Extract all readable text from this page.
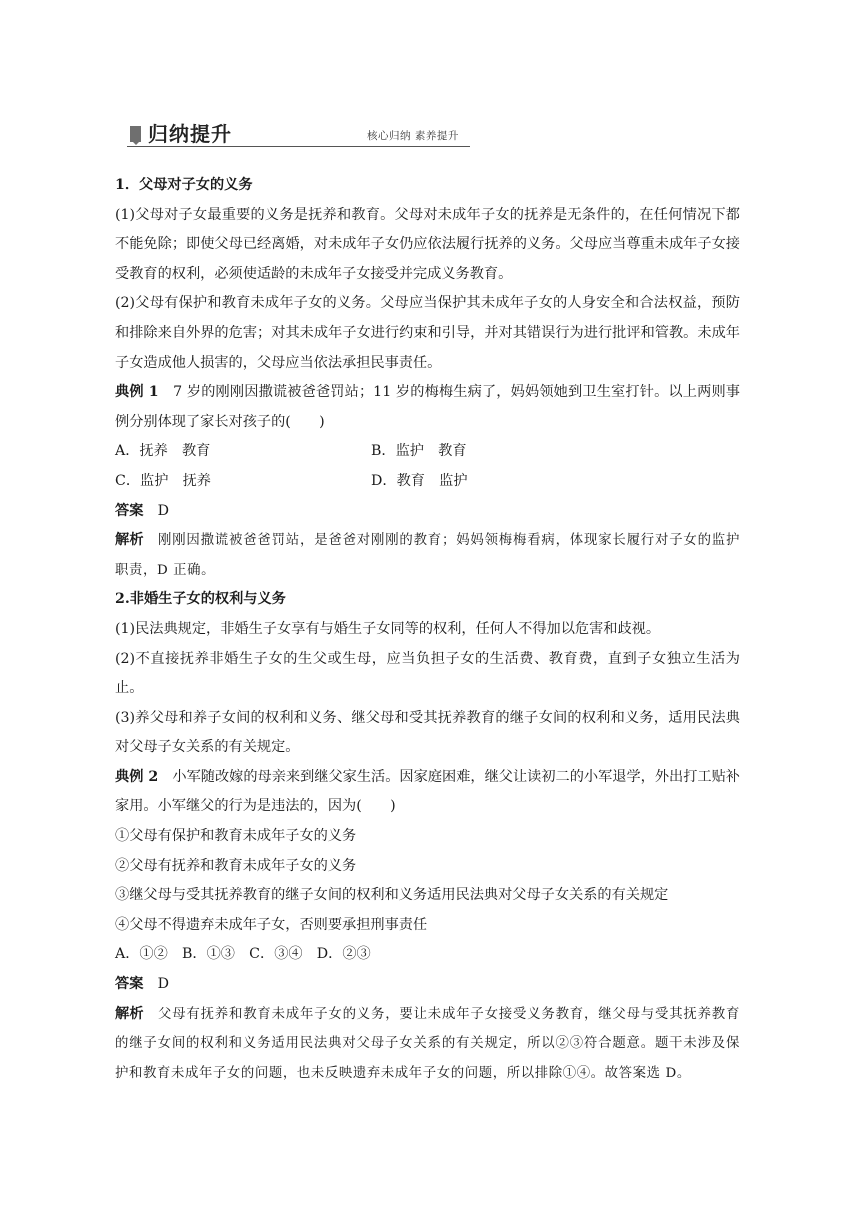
归纳提升	核心归纳 素养提升

1．父母对子女的义务

(1)父母对子女最重要的义务是抚养和教育。父母对未成年子女的抚养是无条件的，在任何情况下都不能免除；即使父母已经离婚，对未成年子女仍应依法履行抚养的义务。父母应当尊重未成年子女接受教育的权利，必须使适龄的未成年子女接受并完成义务教育。

(2)父母有保护和教育未成年子女的义务。父母应当保护其未成年子女的人身安全和合法权益，预防和排除来自外界的危害；对其未成年子女进行约束和引导，并对其错误行为进行批评和管教。未成年子女造成他人损害的，父母应当依法承担民事责任。

典例 1　7 岁的刚刚因撒谎被爸爸罚站；11 岁的梅梅生病了，妈妈领她到卫生室打针。以上两则事例分别体现了家长对孩子的(　　)

A．抚养　教育	B．监护　教育
C．监护　抚养	D．教育　监护

答案　D

解析　刚刚因撒谎被爸爸罚站，是爸爸对刚刚的教育；妈妈领梅梅看病，体现家长履行对子女的监护职责，D 正确。

2.非婚生子女的权利与义务

(1)民法典规定，非婚生子女享有与婚生子女同等的权利，任何人不得加以危害和歧视。

(2)不直接抚养非婚生子女的生父或生母，应当负担子女的生活费、教育费，直到子女独立生活为止。

(3)养父母和养子女间的权利和义务、继父母和受其抚养教育的继子女间的权利和义务，适用民法典对父母子女关系的有关规定。

典例 2　小军随改嫁的母亲来到继父家生活。因家庭困难，继父让读初二的小军退学，外出打工贴补家用。小军继父的行为是违法的，因为(　　)

①父母有保护和教育未成年子女的义务

②父母有抚养和教育未成年子女的义务

③继父母与受其抚养教育的继子女间的权利和义务适用民法典对父母子女关系的有关规定

④父母不得遗弃未成年子女，否则要承担刑事责任

A．①②　B．①③　C．③④　D．②③

答案　D

解析　父母有抚养和教育未成年子女的义务，要让未成年子女接受义务教育，继父母与受其抚养教育的继子女间的权利和义务适用民法典对父母子女关系的有关规定，所以②③符合题意。题干未涉及保护和教育未成年子女的问题，也未反映遗弃未成年子女的问题，所以排除①④。故答案选 D。
